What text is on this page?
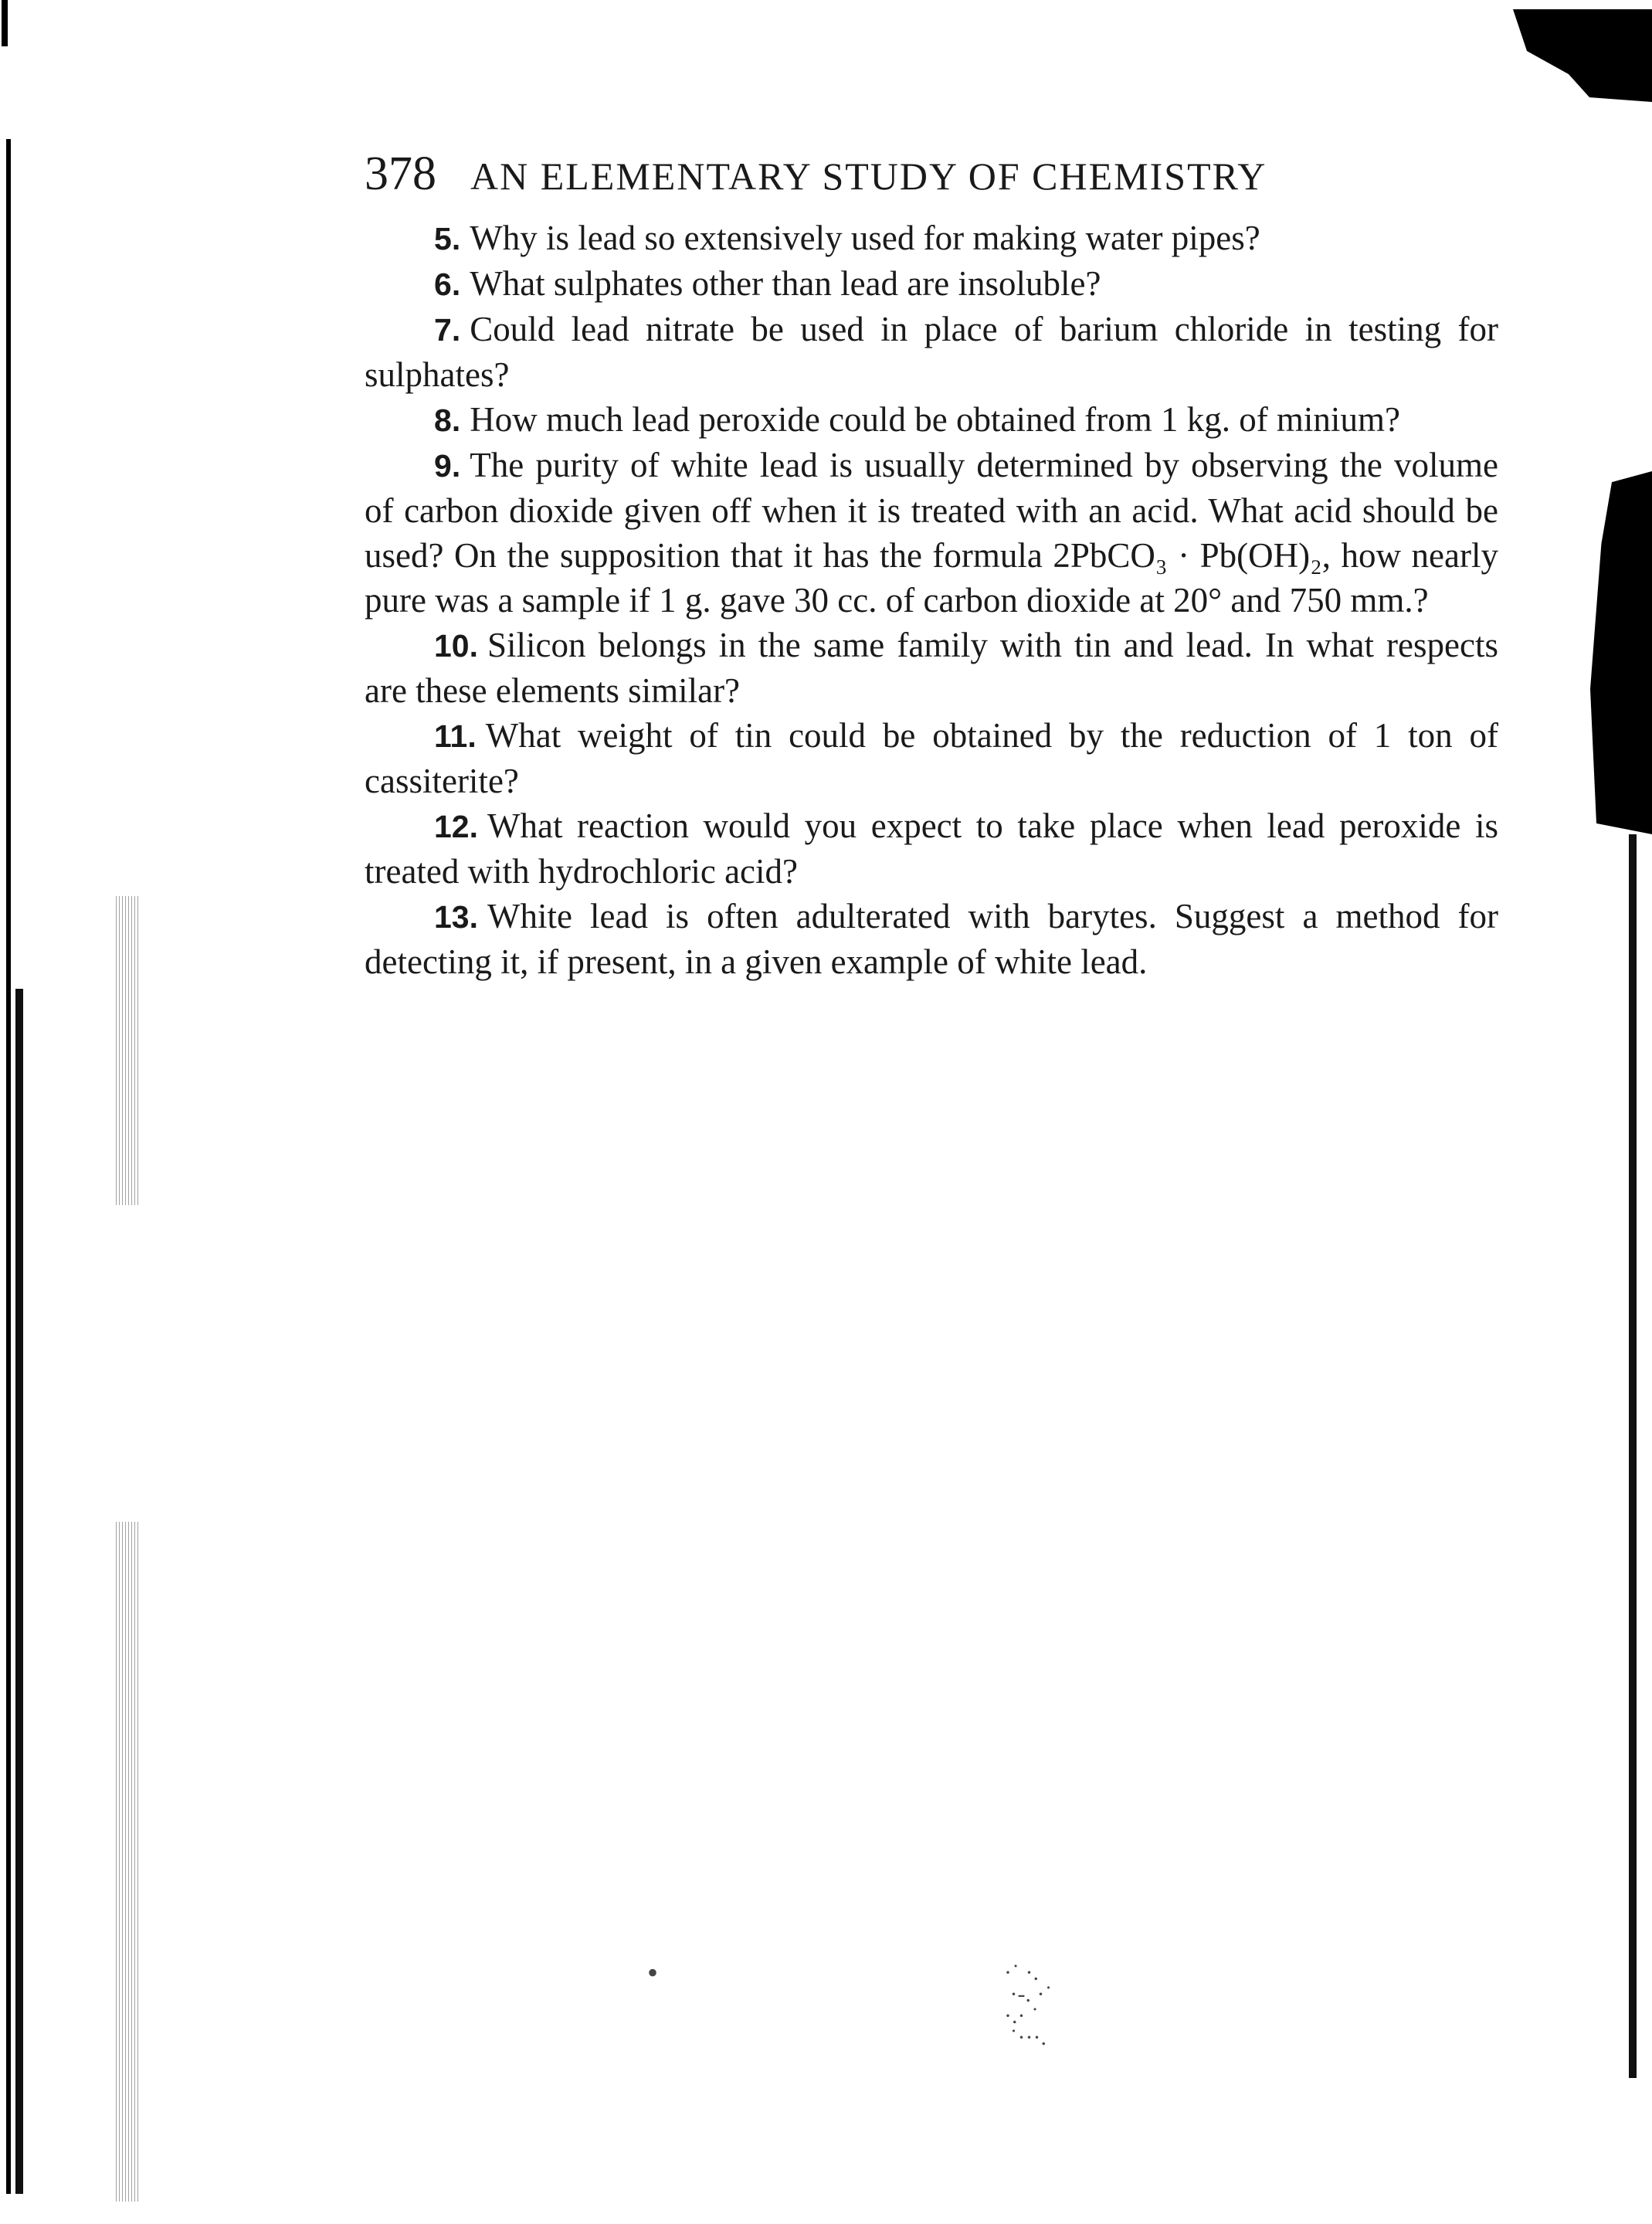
•	·˙ ·.
·-. ·˙
·.· ˙
˙···.
378 AN ELEMENTARY STUDY OF CHEMISTRY

5 . Why is lead so extensively used for making water pipes?

6 . What sulphates other than lead are insoluble?

7 . Could lead nitrate be used in place of barium chloride in testing for sulphates?

8 . How much lead peroxide could be obtained from 1 kg. of minium?

9 . The purity of white lead is usually determined by observing the volume of carbon dioxide given off when it is treated with an acid. What acid should be used? On the supposition that it has the formula 2PbCO₃ · Pb(OH)₂, how nearly pure was a sample if 1 g. gave 30 cc. of carbon dioxide at 20° and 750 mm.?

10 . Silicon belongs in the same family with tin and lead. In what respects are these elements similar?

11 . What weight of tin could be obtained by the reduction of 1 ton of cassiterite?

12 . What reaction would you expect to take place when lead peroxide is treated with hydrochloric acid?

13 . White lead is often adulterated with barytes. Suggest a method for detecting it, if present, in a given example of white lead.
